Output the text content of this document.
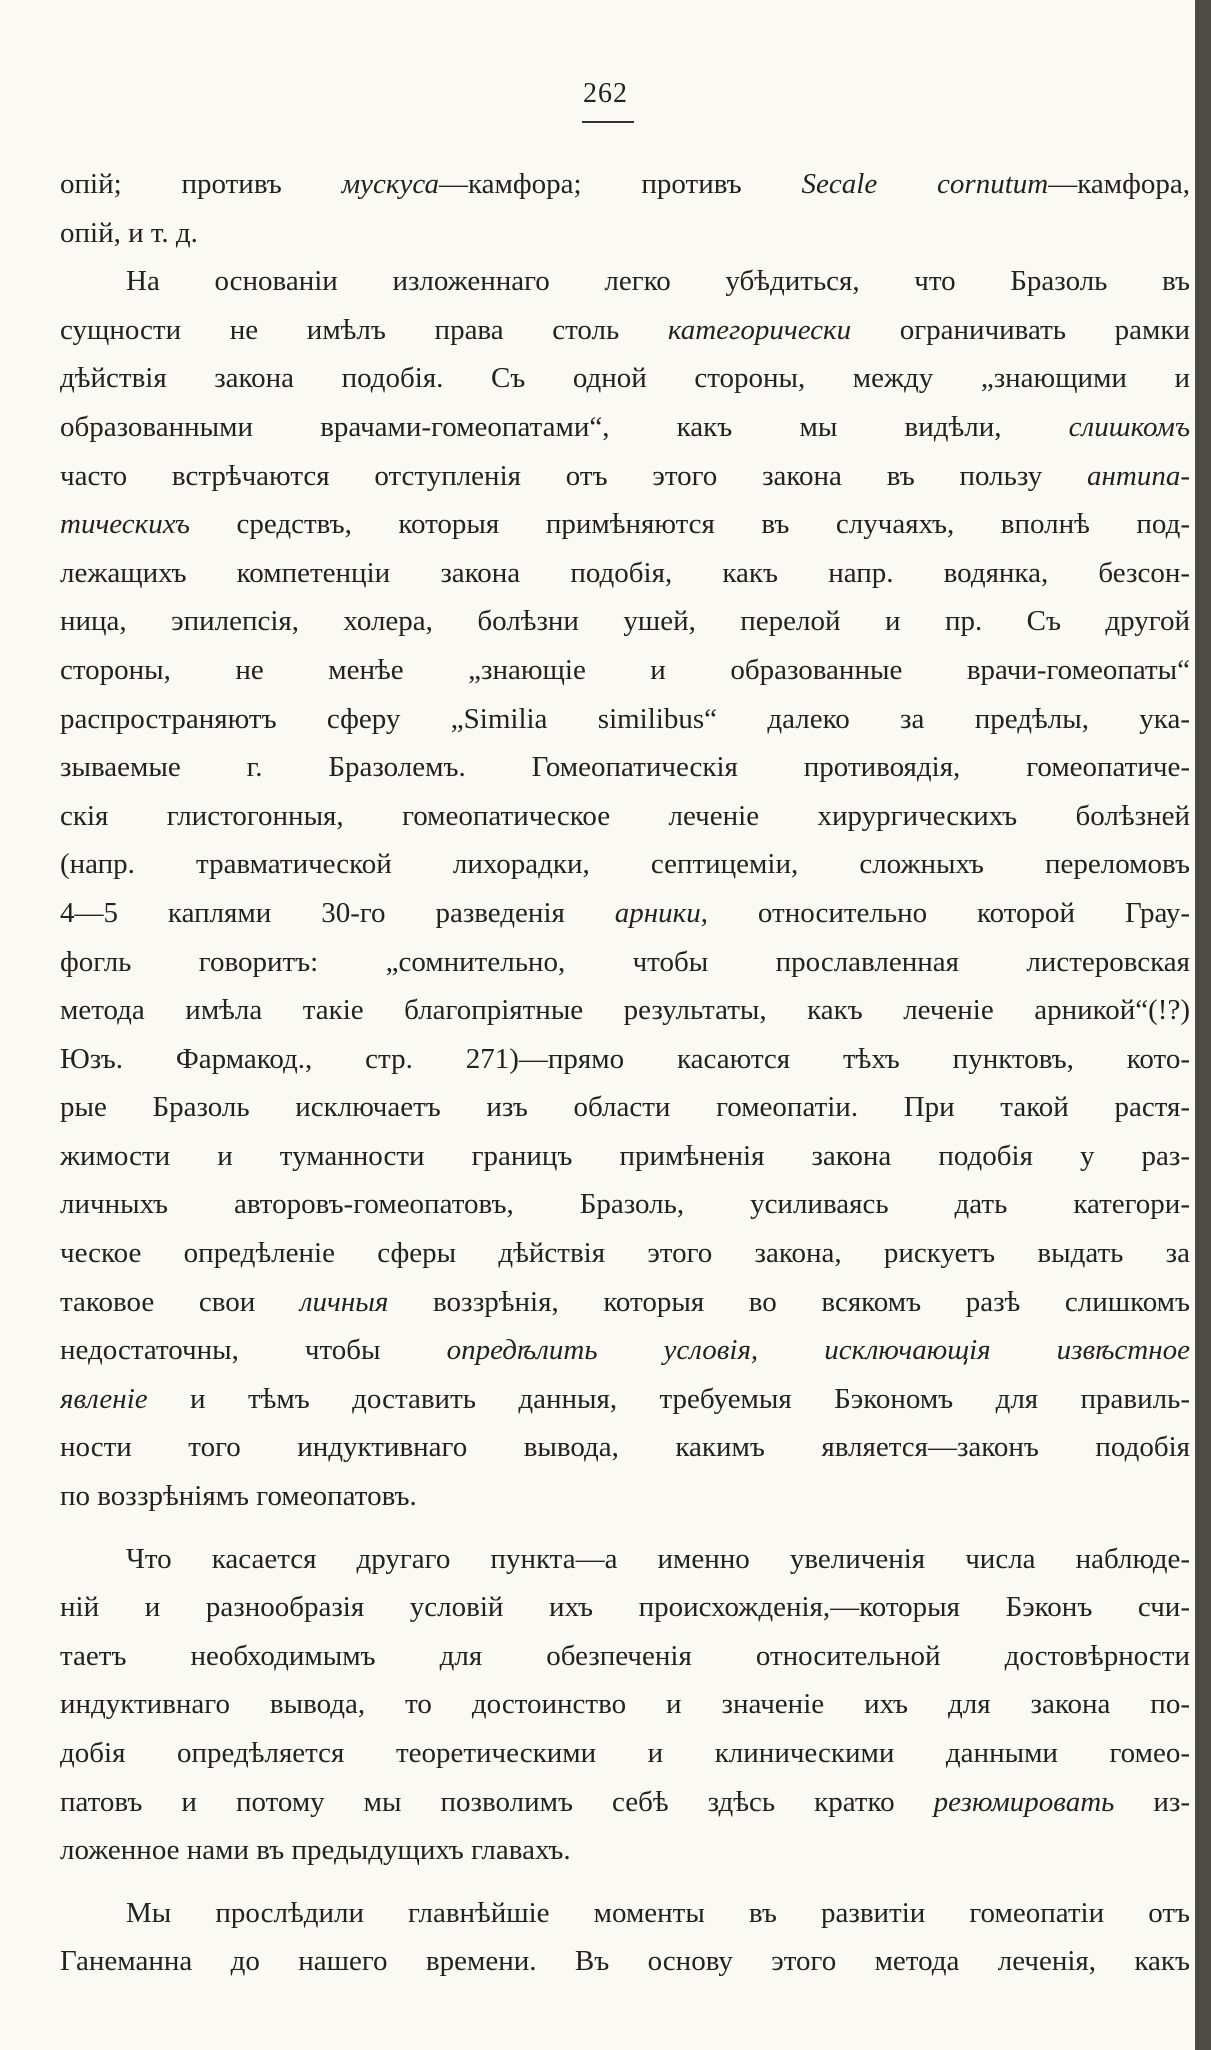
262
опій; противъ мускуса—камфора; противъ Secale cornutum—камфора,
опій, и т. д.
На основаніи изложеннаго легко убѣдиться, что Бразоль въ
сущности не имѣлъ права столь категорически ограничивать рамки
дѣйствія закона подобія. Съ одной стороны, между „знающими и
образованными врачами-гомеопатами“, какъ мы видѣли, слишкомъ
часто встрѣчаются отступленія отъ этого закона въ пользу антипа-
тическихъ средствъ, которыя примѣняются въ случаяхъ, вполнѣ под-
лежащихъ компетенціи закона подобія, какъ напр. водянка, безсон-
ница, эпилепсія, холера, болѣзни ушей, перелой и пр. Съ другой
стороны, не менѣе „знающіе и образованные врачи-гомеопаты“
распространяютъ сферу „Similia similibus“ далеко за предѣлы, ука-
зываемые г. Бразолемъ. Гомеопатическія противоядія, гомеопатиче-
скія глистогонныя, гомеопатическое леченіе хирургическихъ болѣзней
(напр. травматической лихорадки, септицеміи, сложныхъ переломовъ
4—5 каплями 30-го разведенія арники, относительно которой Грау-
фогль говоритъ: „сомнительно, чтобы прославленная листеровская
метода имѣла такіе благопріятные результаты, какъ леченіе арникой“(!?)
Юзъ. Фармакод., стр. 271)—прямо касаются тѣхъ пунктовъ, кото-
рые Бразоль исключаетъ изъ области гомеопатіи. При такой растя-
жимости и туманности границъ примѣненія закона подобія у раз-
личныхъ авторовъ-гомеопатовъ, Бразоль, усиливаясь дать категори-
ческое опредѣленіе сферы дѣйствія этого закона, рискуетъ выдать за
таковое свои личныя воззрѣнія, которыя во всякомъ разѣ слишкомъ
недостаточны, чтобы опредѣлить условія, исключающія извѣстное
явленіе и тѣмъ доставить данныя, требуемыя Бэкономъ для правиль-
ности того индуктивнаго вывода, какимъ является—законъ подобія
по воззрѣніямъ гомеопатовъ.
Что касается другаго пункта—а именно увеличенія числа наблюде-
ній и разнообразія условій ихъ происхожденія,—которыя Бэконъ счи-
таетъ необходимымъ для обезпеченія относительной достовѣрности
индуктивнаго вывода, то достоинство и значеніе ихъ для закона по-
добія опредѣляется теоретическими и клиническими данными гомео-
патовъ и потому мы позволимъ себѣ здѣсь кратко резюмировать из-
ложенное нами въ предыдущихъ главахъ.
Мы прослѣдили главнѣйшіе моменты въ развитіи гомеопатіи отъ
Ганеманна до нашего времени. Въ основу этого метода леченія, какъ
